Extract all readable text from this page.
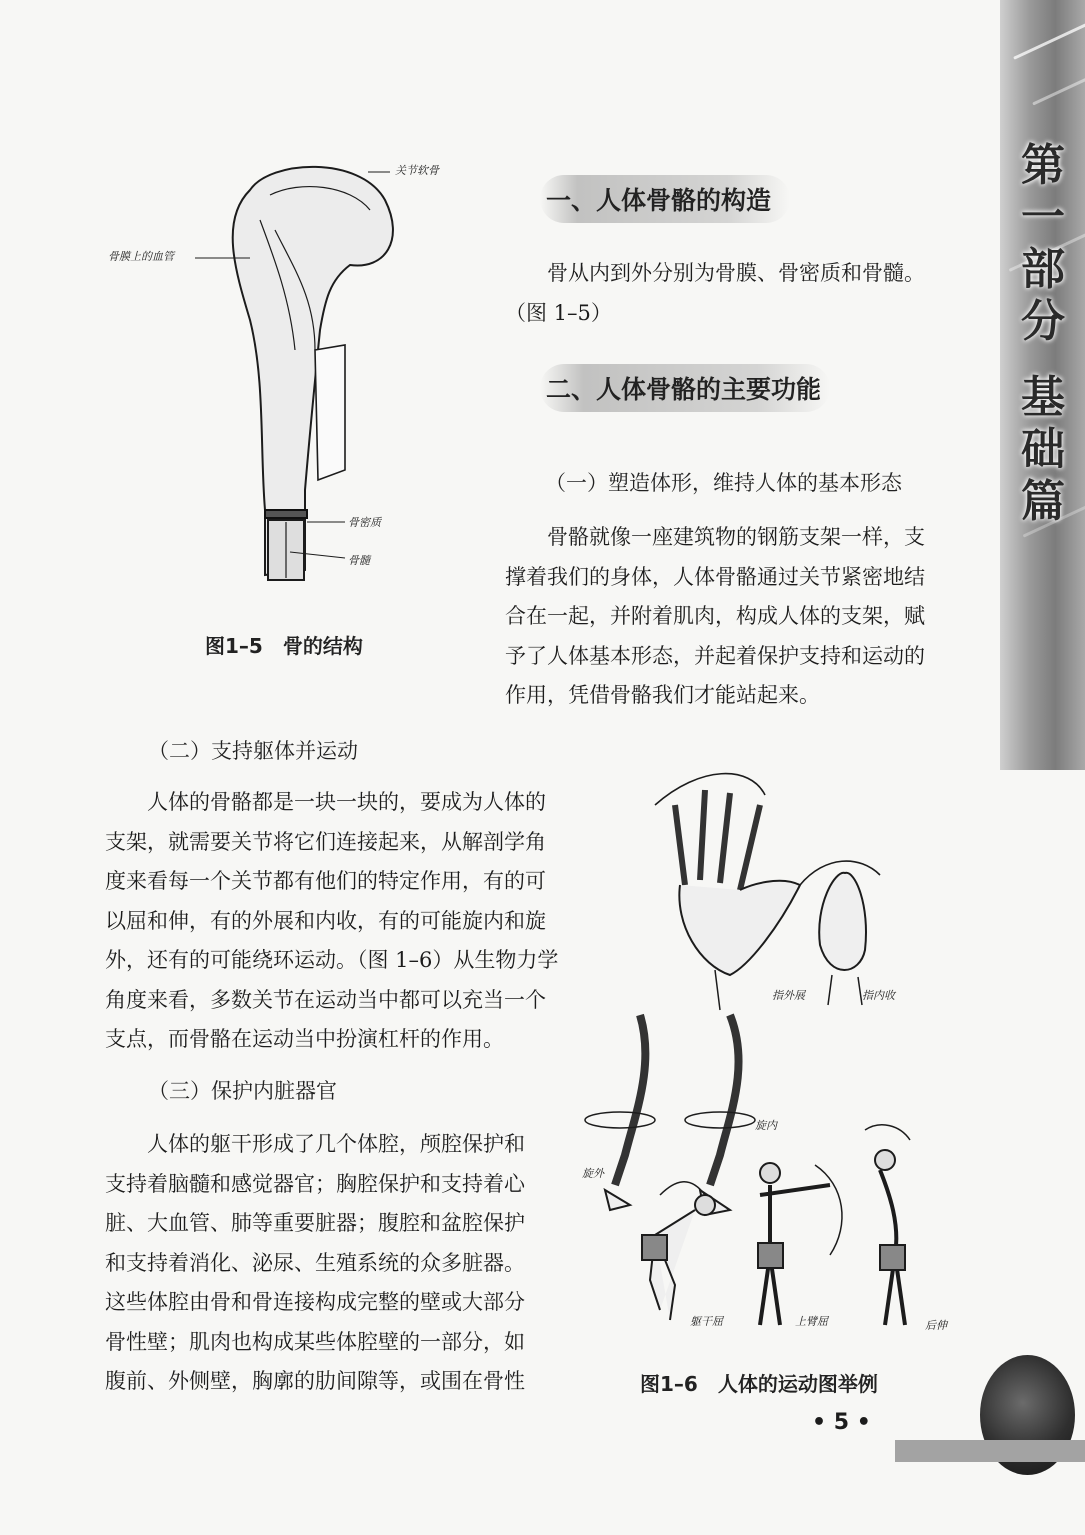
第
一
部
分
基
础
篇
关节软骨
骨膜上的血管
骨密质
骨髓
图1–5　骨的结构
一、人体骨骼的构造

骨从内到外分别为骨膜、骨密质和骨髓。
（图 1–5）

二、人体骨骼的主要功能
（一）塑造体形，维持人体的基本形态

骨骼就像一座建筑物的钢筋支架一样，支
撑着我们的身体，人体骨骼通过关节紧密地结
合在一起，并附着肌肉，构成人体的支架，赋
予了人体基本形态，并起着保护支持和运动的
作用，凭借骨骼我们才能站起来。

（二）支持躯体并运动

人体的骨骼都是一块一块的，要成为人体的
支架，就需要关节将它们连接起来，从解剖学角
度来看每一个关节都有他们的特定作用，有的可
以屈和伸，有的外展和内收，有的可能旋内和旋
外，还有的可能绕环运动。（图 1–6）从生物力学
角度来看，多数关节在运动当中都可以充当一个
支点，而骨骼在运动当中扮演杠杆的作用。

（三）保护内脏器官

人体的躯干形成了几个体腔，颅腔保护和
支持着脑髓和感觉器官；胸腔保护和支持着心
脏、大血管、肺等重要脏器；腹腔和盆腔保护
和支持着消化、泌尿、生殖系统的众多脏器。
这些体腔由骨和骨连接构成完整的壁或大部分
骨性壁；肌肉也构成某些体腔壁的一部分，如
腹前、外侧壁，胸廓的肋间隙等，或围在骨性

指外展	指内收
旋外
旋内
躯干屈	上臂屈	后伸
图1–6　人体的运动图举例
• 5 •
